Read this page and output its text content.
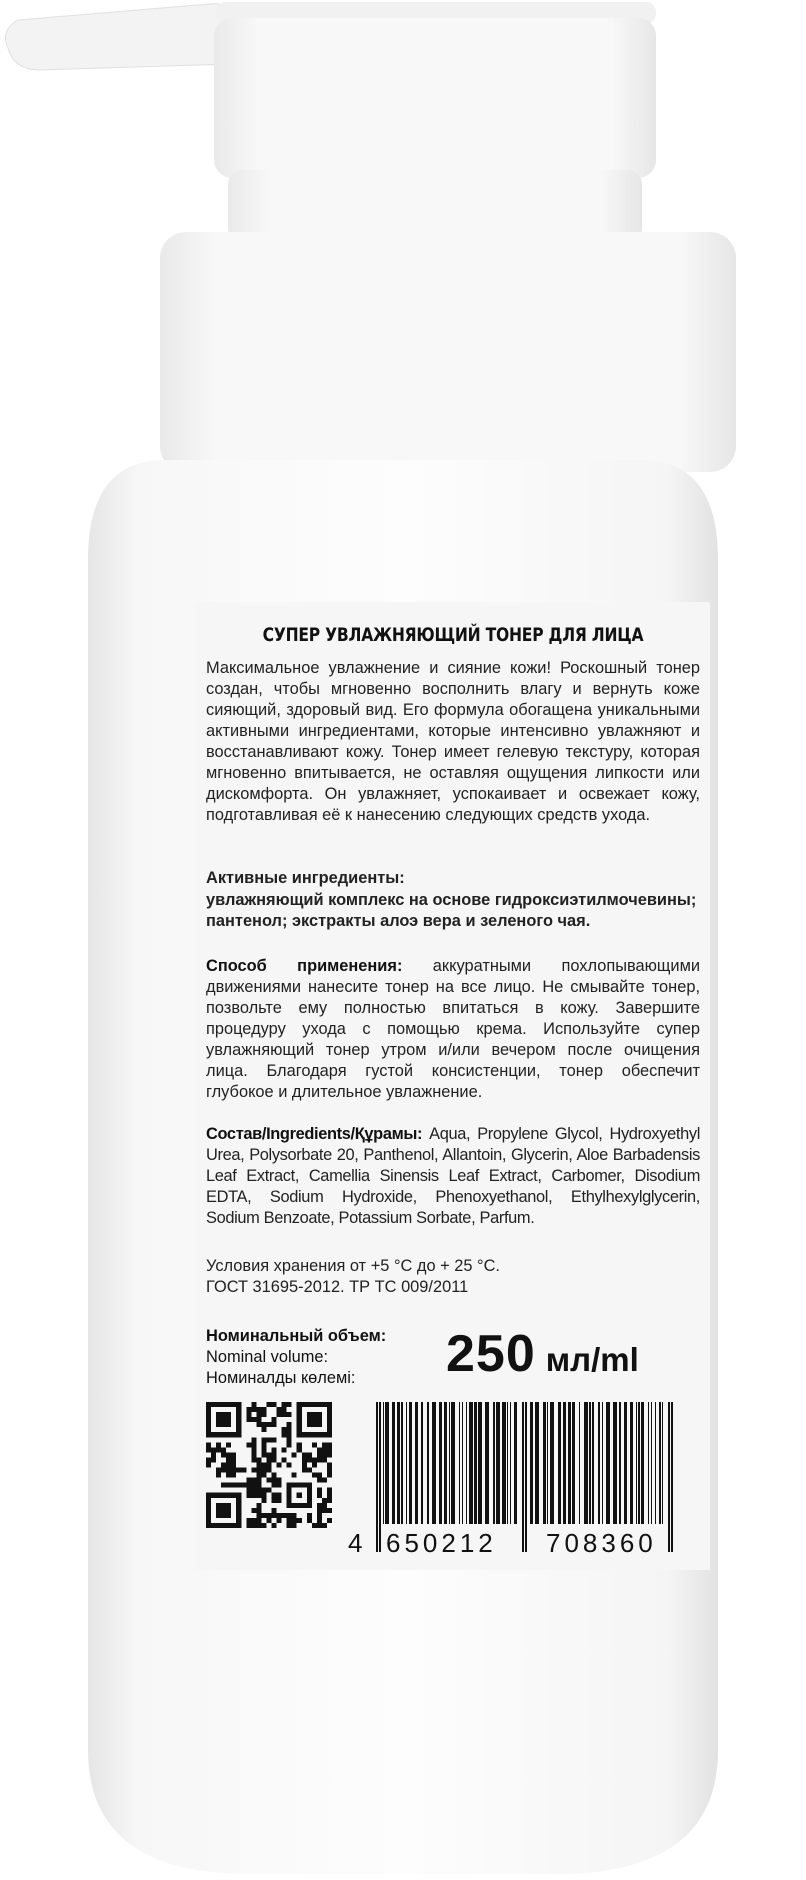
СУПЕР УВЛАЖНЯЮЩИЙ ТОНЕР ДЛЯ ЛИЦА
Максимальное увлажнение и сияние кожи! Роскошный тонер создан, чтобы мгновенно восполнить влагу и вернуть коже сияющий, здоровый вид. Его формула обогащена уникальными активными ингредиентами, которые интенсивно увлажняют и восстанавливают кожу. Тонер имеет гелевую текстуру, которая мгновенно впитывается, не оставляя ощущения липкости или дискомфорта. Он увлажняет, успокаивает и освежает кожу, подготавливая её к нанесению следующих средств ухода.
Активные ингредиенты:
увлажняющий комплекс на основе гидроксиэтилмочевины; пантенол; экстракты алоэ вера и зеленого чая.
Способ применения: аккуратными похлопывающими движениями нанесите тонер на все лицо. Не смывайте тонер, позвольте ему полностью впитаться в кожу. Завершите процедуру ухода с помощью крема. Используйте супер увлажняющий тонер утром и/или вечером после очищения лица. Благодаря густой консистенции, тонер обеспечит глубокое и длительное увлажнение.
Состав/Ingredients/Құрамы: Aqua, Propylene Glycol, Hydroxyethyl Urea, Polysorbate 20, Panthenol, Allantoin, Glycerin, Aloe Barbadensis Leaf Extract, Camellia Sinensis Leaf Extract, Carbomer, Disodium EDTA, Sodium Hydroxide, Phenoxyethanol, Ethylhexylglycerin, Sodium Benzoate, Potassium Sorbate, Parfum.
Условия хранения от +5 °С до + 25 °С.
ГОСТ 31695-2012. ТР ТС 009/2011
Номинальный объем:
Nominal volume:
Номиналды көлемі:	250 мл/ml
4 650212 708360
